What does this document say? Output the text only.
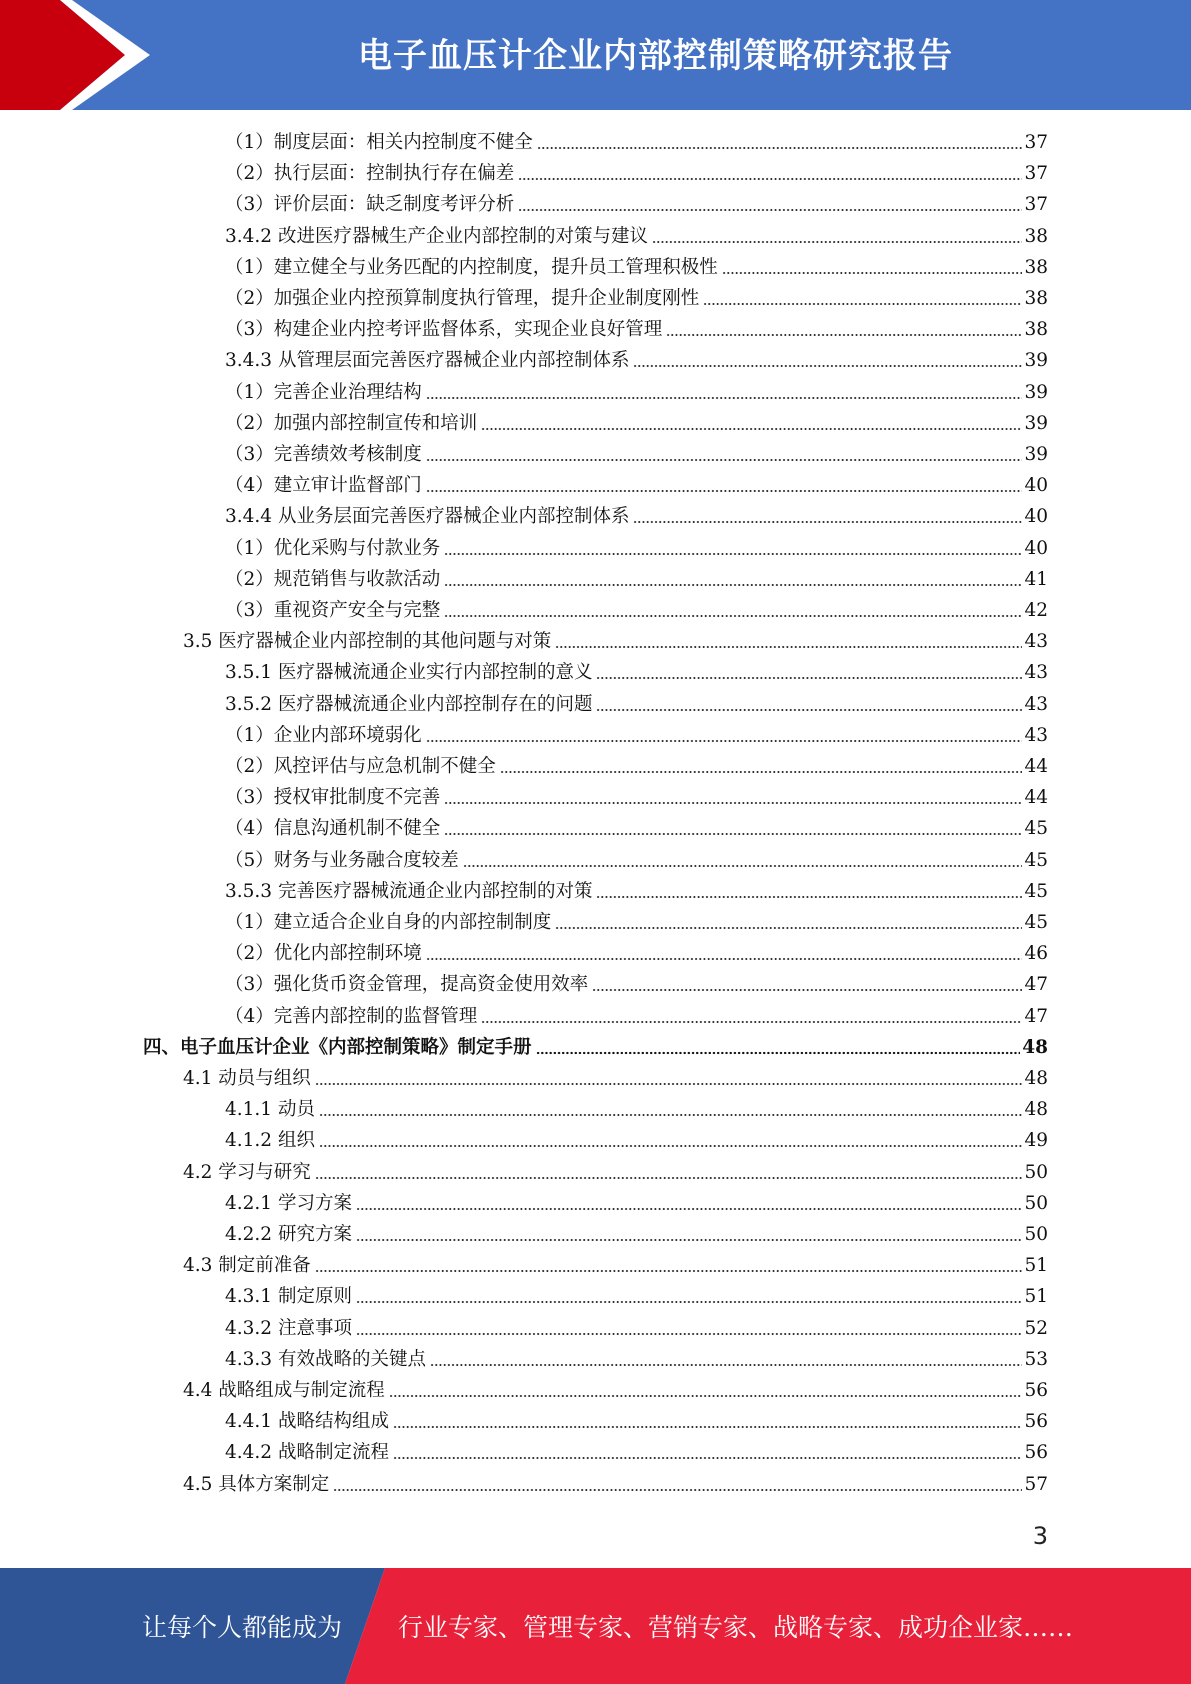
电子血压计企业内部控制策略研究报告
（1）制度层面：相关内控制度不健全	37
（2）执行层面：控制执行存在偏差	37
（3）评价层面：缺乏制度考评分析	37
3.4.2 改进医疗器械生产企业内部控制的对策与建议	38
（1）建立健全与业务匹配的内控制度，提升员工管理积极性	38
（2）加强企业内控预算制度执行管理，提升企业制度刚性	38
（3）构建企业内控考评监督体系，实现企业良好管理	38
3.4.3 从管理层面完善医疗器械企业内部控制体系	39
（1）完善企业治理结构	39
（2）加强内部控制宣传和培训	39
（3）完善绩效考核制度	39
（4）建立审计监督部门	40
3.4.4 从业务层面完善医疗器械企业内部控制体系	40
（1）优化采购与付款业务	40
（2）规范销售与收款活动	41
（3）重视资产安全与完整	42
3.5 医疗器械企业内部控制的其他问题与对策	43
3.5.1 医疗器械流通企业实行内部控制的意义	43
3.5.2 医疗器械流通企业内部控制存在的问题	43
（1）企业内部环境弱化	43
（2）风控评估与应急机制不健全	44
（3）授权审批制度不完善	44
（4）信息沟通机制不健全	45
（5）财务与业务融合度较差	45
3.5.3 完善医疗器械流通企业内部控制的对策	45
（1）建立适合企业自身的内部控制制度	45
（2）优化内部控制环境	46
（3）强化货币资金管理，提高资金使用效率	47
（4）完善内部控制的监督管理	47
四、电子血压计企业《内部控制策略》制定手册	48
4.1 动员与组织	48
4.1.1 动员	48
4.1.2 组织	49
4.2 学习与研究	50
4.2.1 学习方案	50
4.2.2 研究方案	50
4.3 制定前准备	51
4.3.1 制定原则	51
4.3.2 注意事项	52
4.3.3 有效战略的关键点	53
4.4 战略组成与制定流程	56
4.4.1 战略结构组成	56
4.4.2 战略制定流程	56
4.5 具体方案制定	57
3
让每个人都能成为 行业专家、管理专家、营销专家、战略专家、成功企业家……
